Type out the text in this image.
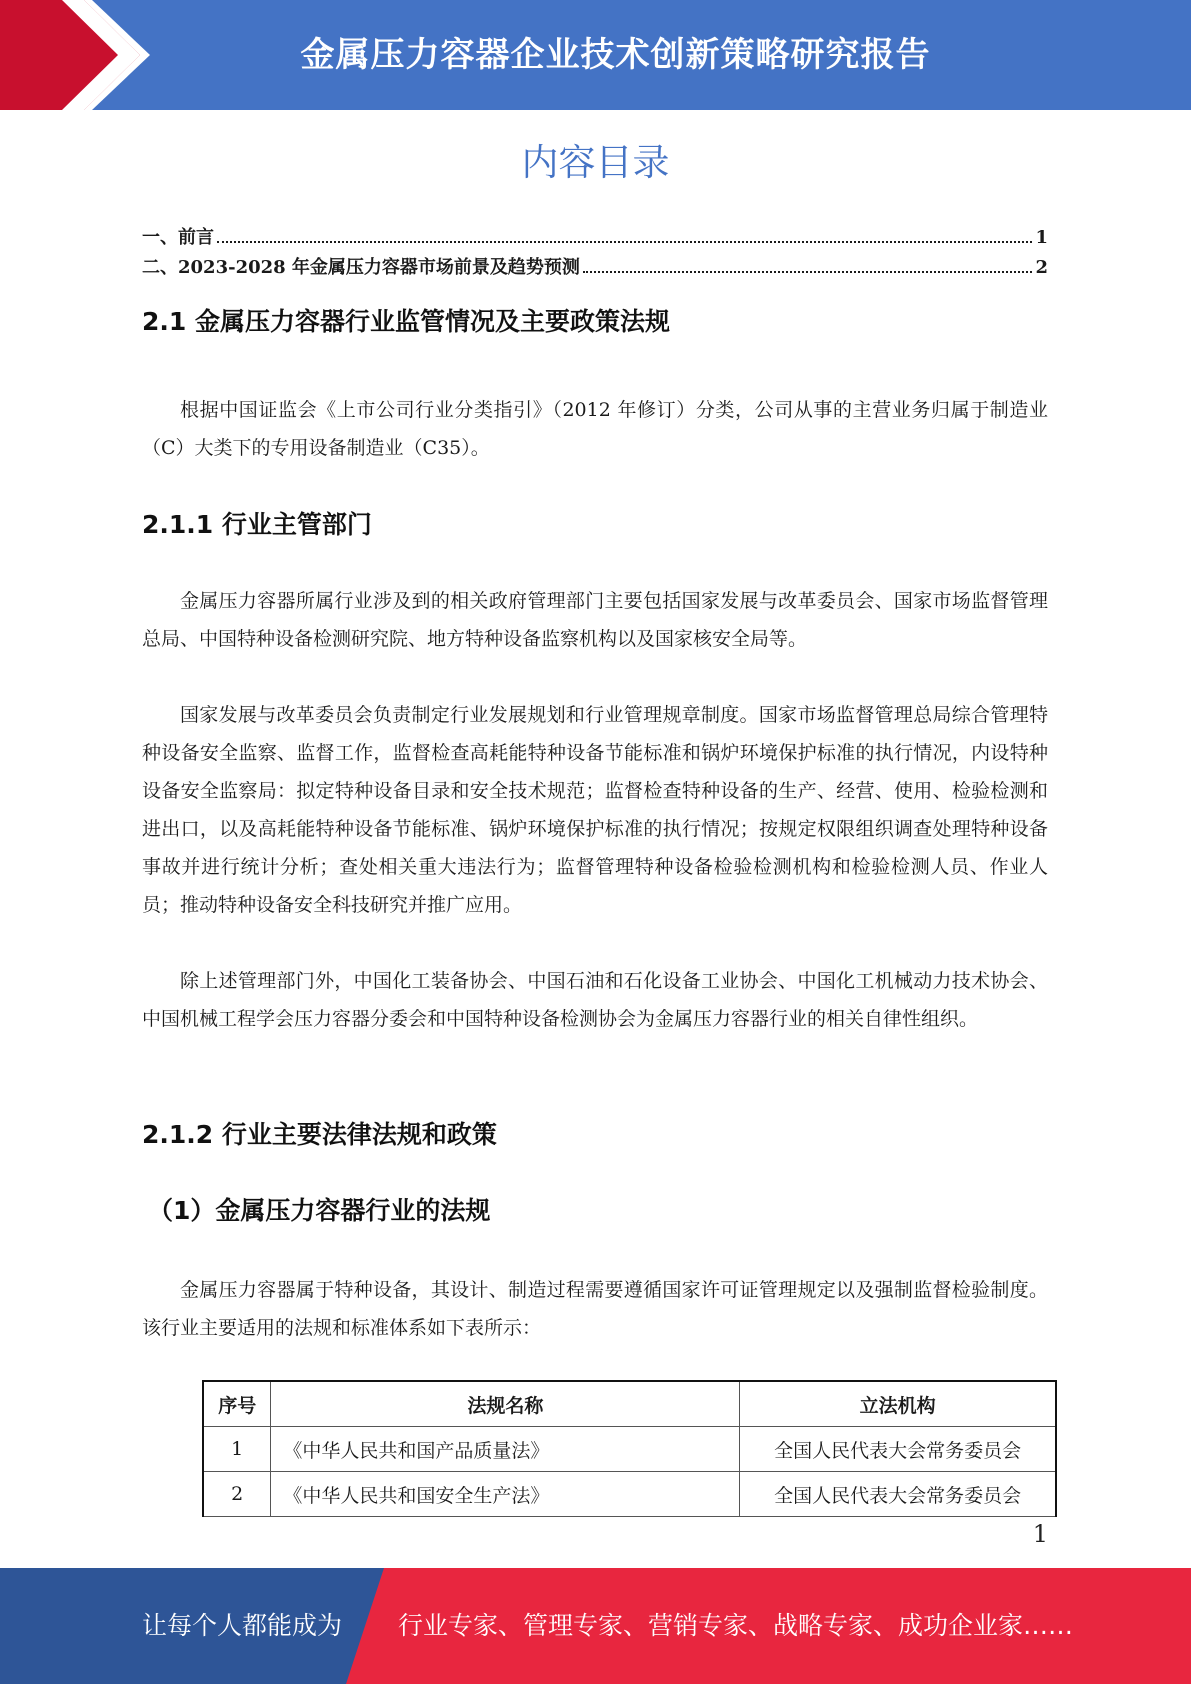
金属压力容器企业技术创新策略研究报告
内容目录
一、前言	1
二、2023-2028 年金属压力容器市场前景及趋势预测	2
2.1 金属压力容器行业监管情况及主要政策法规
根据中国证监会《上市公司行业分类指引》（2012 年修订）分类，公司从事的主营业务归属于制造业（C）大类下的专用设备制造业（C35）。
2.1.1 行业主管部门
金属压力容器所属行业涉及到的相关政府管理部门主要包括国家发展与改革委员会、国家市场监督管理总局、中国特种设备检测研究院、地方特种设备监察机构以及国家核安全局等。
国家发展与改革委员会负责制定行业发展规划和行业管理规章制度。国家市场监督管理总局综合管理特种设备安全监察、监督工作，监督检查高耗能特种设备节能标准和锅炉环境保护标准的执行情况，内设特种设备安全监察局：拟定特种设备目录和安全技术规范；监督检查特种设备的生产、经营、使用、检验检测和进出口，以及高耗能特种设备节能标准、锅炉环境保护标准的执行情况；按规定权限组织调查处理特种设备事故并进行统计分析；查处相关重大违法行为；监督管理特种设备检验检测机构和检验检测人员、作业人员；推动特种设备安全科技研究并推广应用。
除上述管理部门外，中国化工装备协会、中国石油和石化设备工业协会、中国化工机械动力技术协会、中国机械工程学会压力容器分委会和中国特种设备检测协会为金属压力容器行业的相关自律性组织。
2.1.2 行业主要法律法规和政策
（1）金属压力容器行业的法规
金属压力容器属于特种设备，其设计、制造过程需要遵循国家许可证管理规定以及强制监督检验制度。该行业主要适用的法规和标准体系如下表所示：
序号	法规名称	立法机构
1	《中华人民共和国产品质量法》	全国人民代表大会常务委员会
2	《中华人民共和国安全生产法》	全国人民代表大会常务委员会
1
让每个人都能成为 行业专家、管理专家、营销专家、战略专家、成功企业家……
